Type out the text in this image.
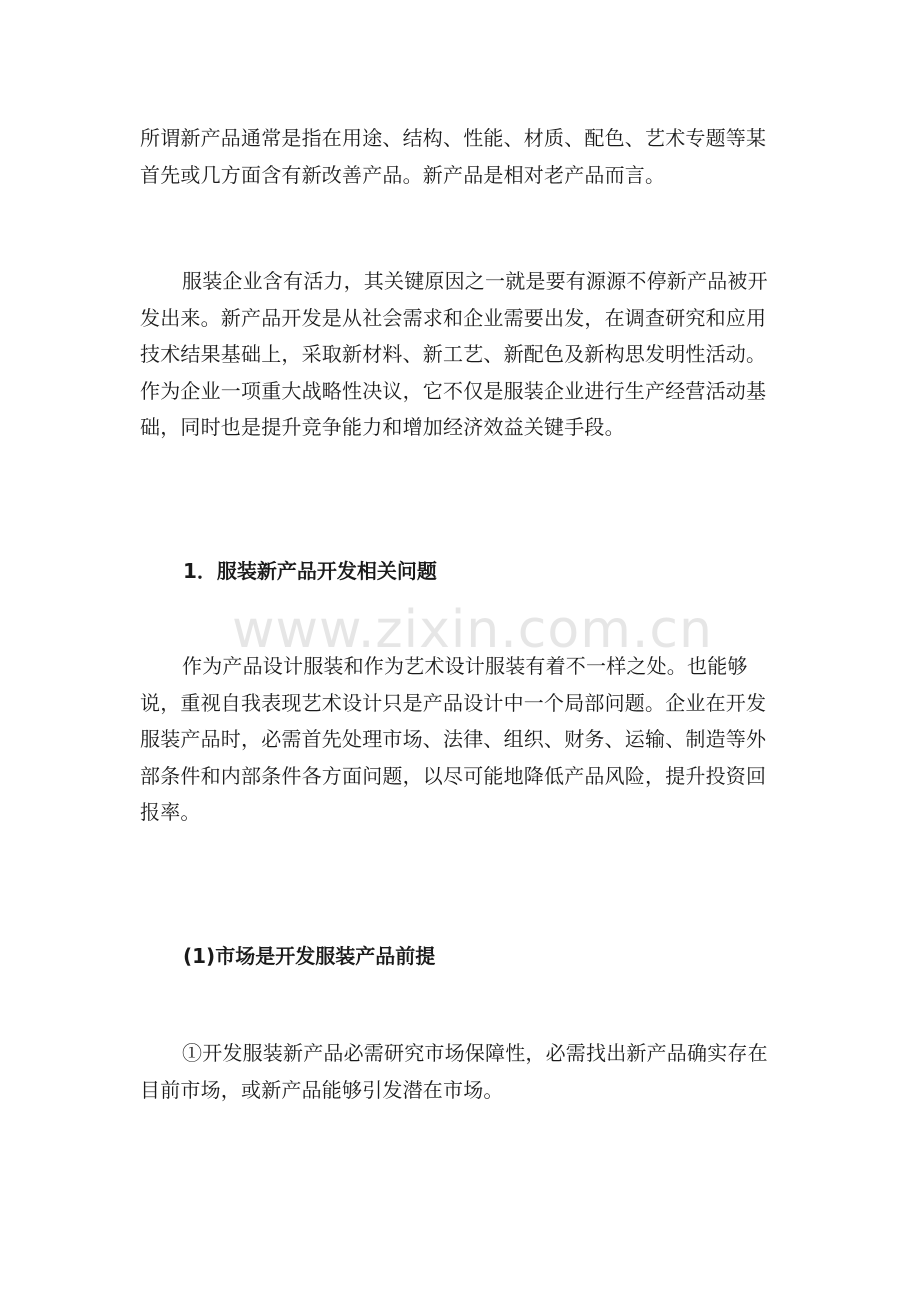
所谓新产品通常是指在用途、结构、性能、材质、配色、艺术专题等某首先或几方面含有新改善产品。新产品是相对老产品而言。

服装企业含有活力，其关键原因之一就是要有源源不停新产品被开发出来。新产品开发是从社会需求和企业需要出发，在调查研究和应用技术结果基础上，采取新材料、新工艺、新配色及新构思发明性活动。作为企业一项重大战略性决议，它不仅是服装企业进行生产经营活动基础，同时也是提升竞争能力和增加经济效益关键手段。

1．服装新产品开发相关问题
www.zixin.com.cn

作为产品设计服装和作为艺术设计服装有着不一样之处。也能够说，重视自我表现艺术设计只是产品设计中一个局部问题。企业在开发服装产品时，必需首先处理市场、法律、组织、财务、运输、制造等外部条件和内部条件各方面问题，以尽可能地降低产品风险，提升投资回报率。

(1)市场是开发服装产品前提

①开发服装新产品必需研究市场保障性，必需找出新产品确实存在目前市场，或新产品能够引发潜在市场。
